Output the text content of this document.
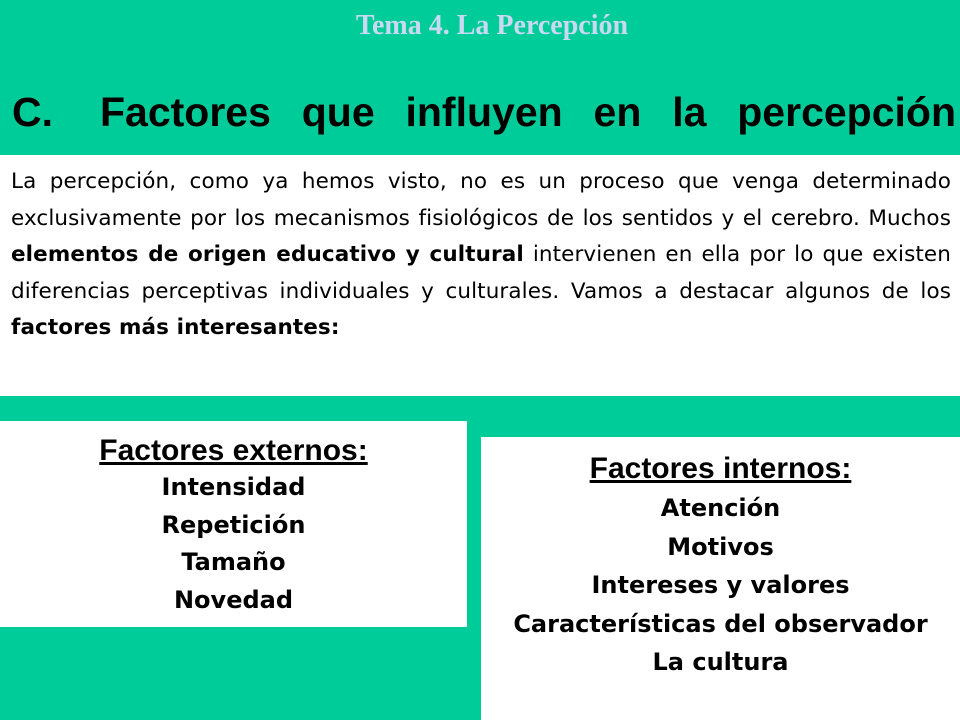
Tema 4. La Percepción
C. Factores que influyen en la percepción

La percepción, como ya hemos visto, no es un proceso que venga determinado exclusivamente por los mecanismos fisiológicos de los sentidos y el cerebro. Muchos elementos de origen educativo y cultural intervienen en ella por lo que existen diferencias perceptivas individuales y culturales. Vamos a destacar algunos de los factores más interesantes:

Factores externos:
Intensidad
Repetición
Tamaño
Novedad
Factores internos:
Atención
Motivos
Intereses y valores
Características del observador
La cultura
